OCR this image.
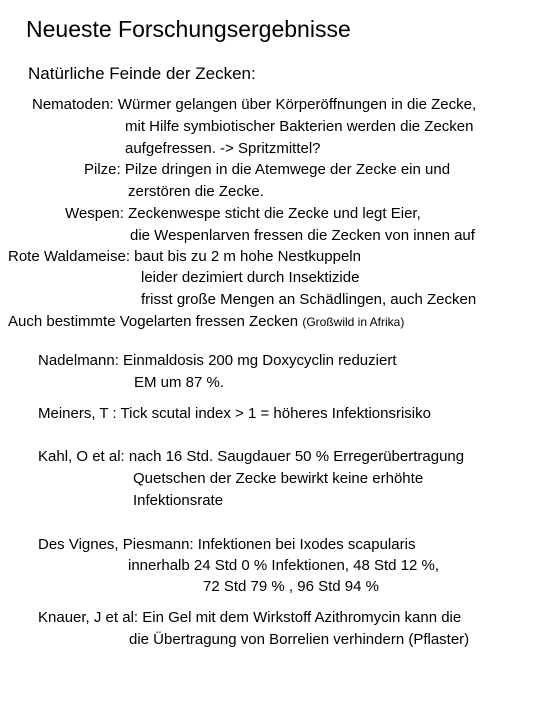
Neueste Forschungsergebnisse
Natürliche Feinde der Zecken:
Nematoden: Würmer gelangen über Körperöffnungen in die Zecke,
mit Hilfe symbiotischer Bakterien werden die Zecken
aufgefressen. -> Spritzmittel?
Pilze: Pilze dringen in die Atemwege der Zecke ein und
zerstören die Zecke.
Wespen: Zeckenwespe sticht die Zecke und legt Eier,
die Wespenlarven fressen die Zecken von innen auf
Rote Waldameise: baut bis zu 2 m hohe Nestkuppeln
leider dezimiert durch Insektizide
frisst große Mengen an Schädlingen, auch Zecken
Auch bestimmte Vogelarten fressen Zecken (Großwild in Afrika)
Nadelmann: Einmaldosis 200 mg Doxycyclin reduziert
EM um 87 %.
Meiners, T : Tick scutal index > 1 = höheres Infektionsrisiko
Kahl, O et al: nach 16 Std. Saugdauer 50 % Erregerübertragung
Quetschen der Zecke bewirkt keine erhöhte
Infektionsrate
Des Vignes, Piesmann: Infektionen bei Ixodes scapularis
innerhalb 24 Std 0 % Infektionen, 48 Std 12 %,
72 Std 79 % , 96 Std 94 %
Knauer, J et al: Ein Gel mit dem Wirkstoff Azithromycin kann die
die Übertragung von Borrelien verhindern (Pflaster)
